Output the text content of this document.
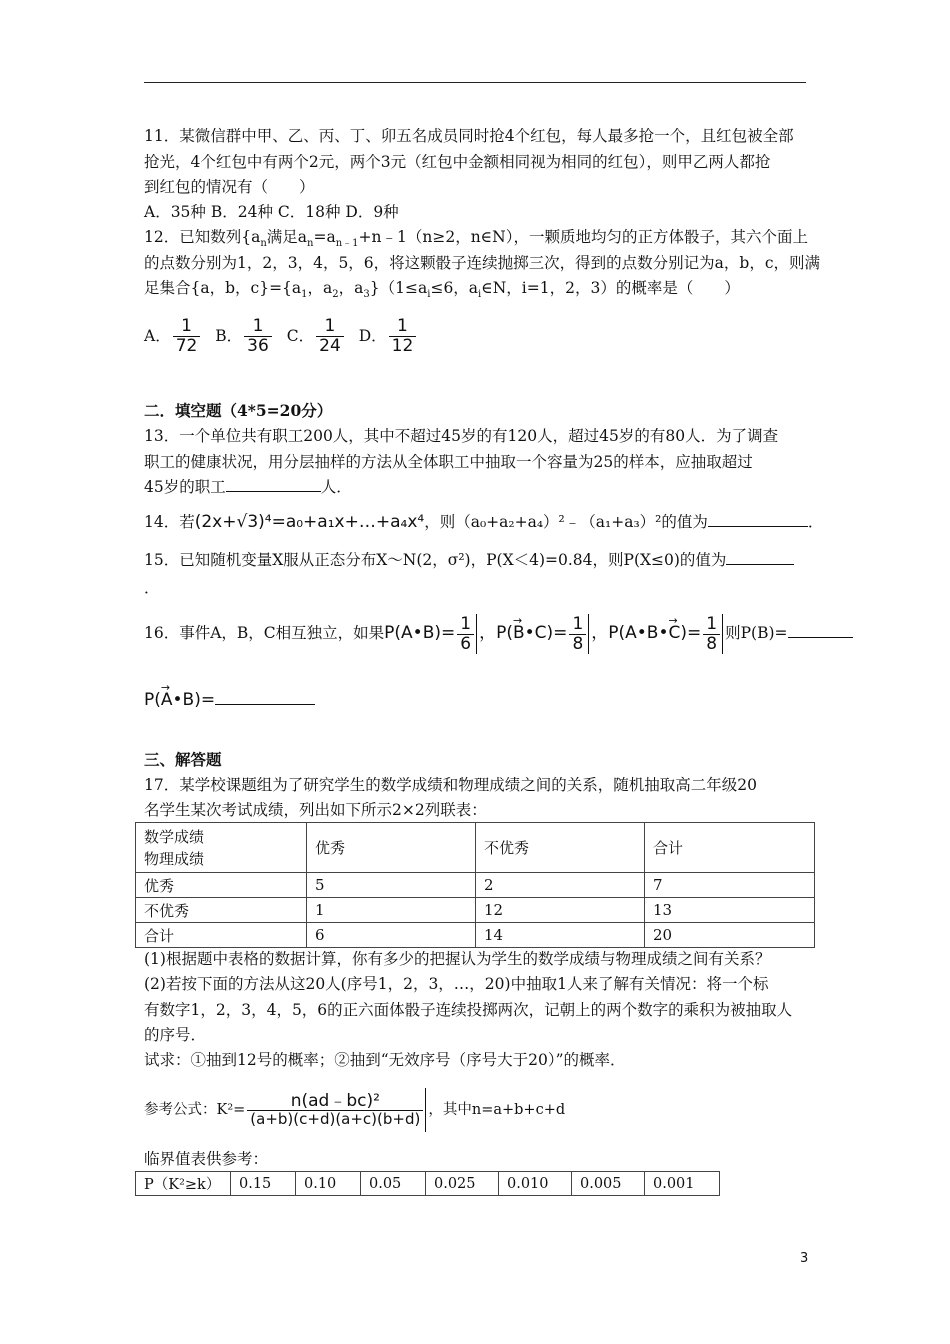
11．某微信群中甲、乙、丙、丁、卯五名成员同时抢4个红包，每人最多抢一个，且红包被全部
抢光，4个红包中有两个2元，两个3元（红包中金额相同视为相同的红包），则甲乙两人都抢
到红包的情况有（　　）
A．35种 B．24种 C．18种 D．9种
12．已知数列{$a_n$满足$a_n=a_{n﹣1}+n﹣1(n\ge 2$，n∈N），一颗质地均匀的正方体骰子，其六个面上
的点数分别为1，2，3，4，5，6，将这颗骰子连续抛掷三次，得到的点数分别记为a，b，c，则满
足集合{a，b，$c\}=\{a_1$，$a_2$，$a_3\}(1\le a_i\le 6$，$a_i\in N$，i=1，2，3）的概率是（　　）
A． $\frac{1}{72}$
B． $\frac{1}{36}$
C． $\frac{1}{24}$
D． $\frac{1}{12}$
二．填空题（4*5=20分）
13．一个单位共有职工200人，其中不超过45岁的有120人，超过45岁的有80人．为了调查
职工的健康状况，用分层抽样的方法从全体职工中抽取一个容量为25的样本，应抽取超过
45岁的职工	人．
14．若(2x+√3)⁴=a₀+a₁x+…+a₄x⁴，则（a₀+a₂+a₄）²﹣（a₁+a₃）²的值为	．
15．已知随机变量X服从正态分布X～N(2，σ²)，P(X＜4)=0.84，则P(X≤0)的值为
．
16．事件A，B，C相互独立，如果P(A•B)= $\frac{1}{6}$ ，P(→ B•C)= $\frac{1}{8}$ ，P(A•B•→ $C)= \frac{1}{8}$ 则P(B)=
P(→ A•B)=
三、解答题
17．某学校课题组为了研究学生的数学成绩和物理成绩之间的关系，随机抽取高二年级20
名学生某次考试成绩，列出如下所示2×2列联表：
数学成绩
物理成绩	优秀	不优秀	合计
优秀	5	2	7
不优秀	1	12	13
合计	6	14	20
(1)根据题中表格的数据计算，你有多少的把握认为学生的数学成绩与物理成绩之间有关系？
(2)若按下面的方法从这20人(序号1，2，3，…，20)中抽取1人来了解有关情况：将一个标
有数字1，2，3，4，5，6的正六面体骰子连续投掷两次，记朝上的两个数字的乘积为被抽取人
的序号．
试求：①抽到12号的概率；②抽到“无效序号（序号大于20）”的概率．
参考公式：$K^2= \frac{\text{n(ad﹣bc)²}}{(a+b)(c+d)(a+c)(b+d)}$ ，其中n=a+b+c+d
临界值表供参考：
P（K²≥k）	0.15	0.10	0.05	0.025	0.010	0.005	0.001
3
